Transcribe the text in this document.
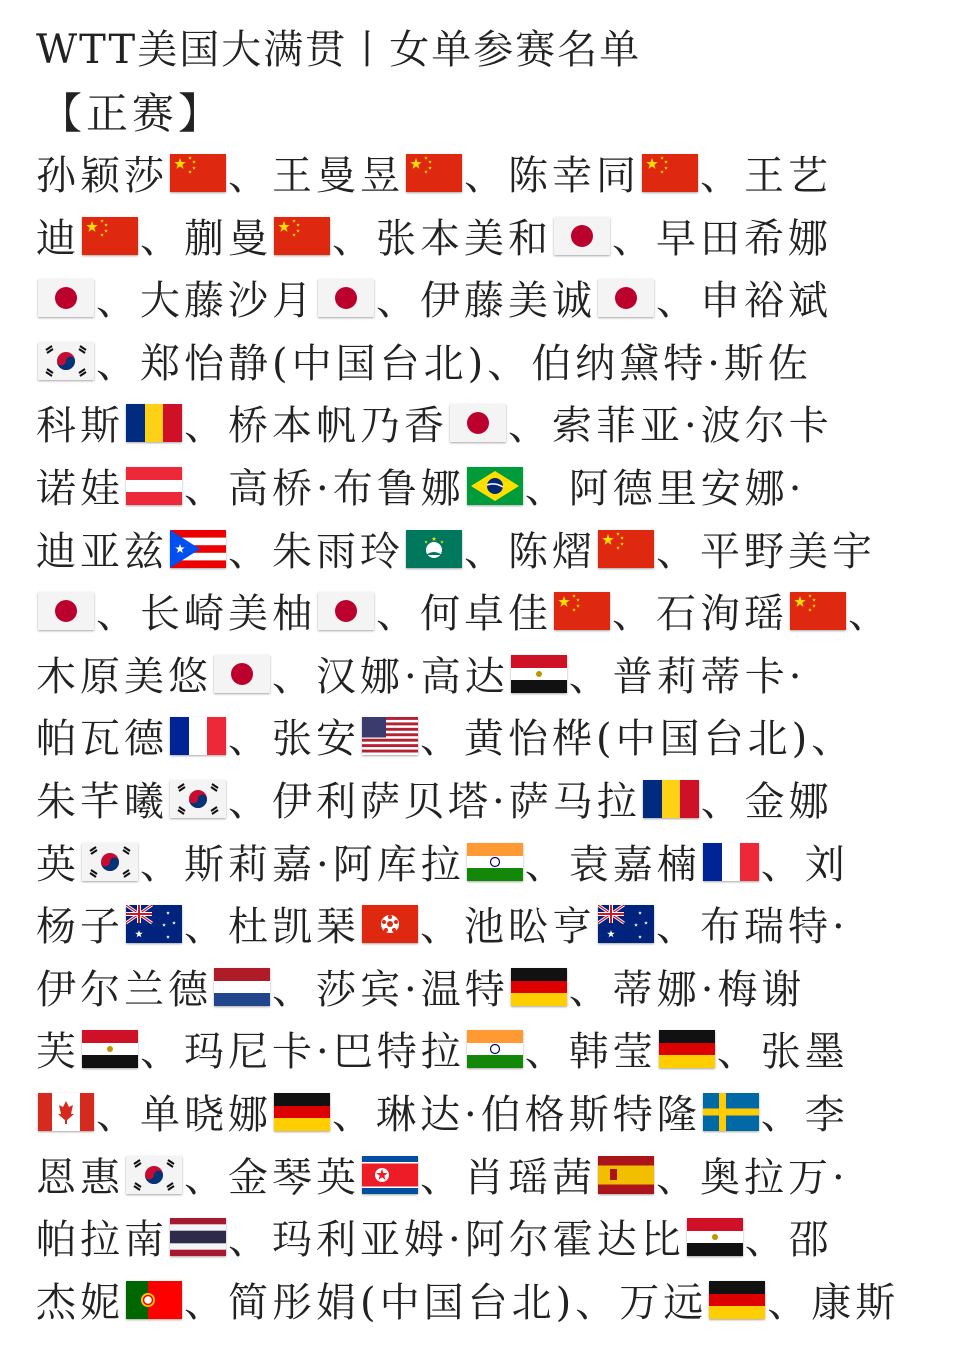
WTT美国大满贯丨女单参赛名单
【正赛】
孙颖莎 、王曼昱 、陈幸同 、王艺
迪 、蒯曼 、张本美和 、早田希娜
、大藤沙月 、伊藤美诚 、申裕斌
、郑怡静(中国台北)、伯纳黛特·斯佐
科斯 、桥本帆乃香 、索菲亚·波尔卡
诺娃 、高桥·布鲁娜 、阿德里安娜·
迪亚兹 、朱雨玲 、陈熠 、平野美宇
、长崎美柚 、何卓佳 、石洵瑶 、
木原美悠 、汉娜·高达 、普莉蒂卡·
帕瓦德 、张安 、黄怡桦(中国台北)、
朱芊曦 、伊利萨贝塔·萨马拉 、金娜
英 、斯莉嘉·阿库拉 、袁嘉楠 、刘
杨子 、杜凯琹 、池昖亨 、布瑞特·
伊尔兰德 、莎宾·温特 、蒂娜·梅谢
芙 、玛尼卡·巴特拉 、韩莹 、张墨
、单晓娜 、琳达·伯格斯特隆 、李
恩惠 、金琴英 、肖瑶茜 、奥拉万·
帕拉南 、玛利亚姆·阿尔霍达比 、邵
杰妮 、简彤娟(中国台北)、万远 、康斯
